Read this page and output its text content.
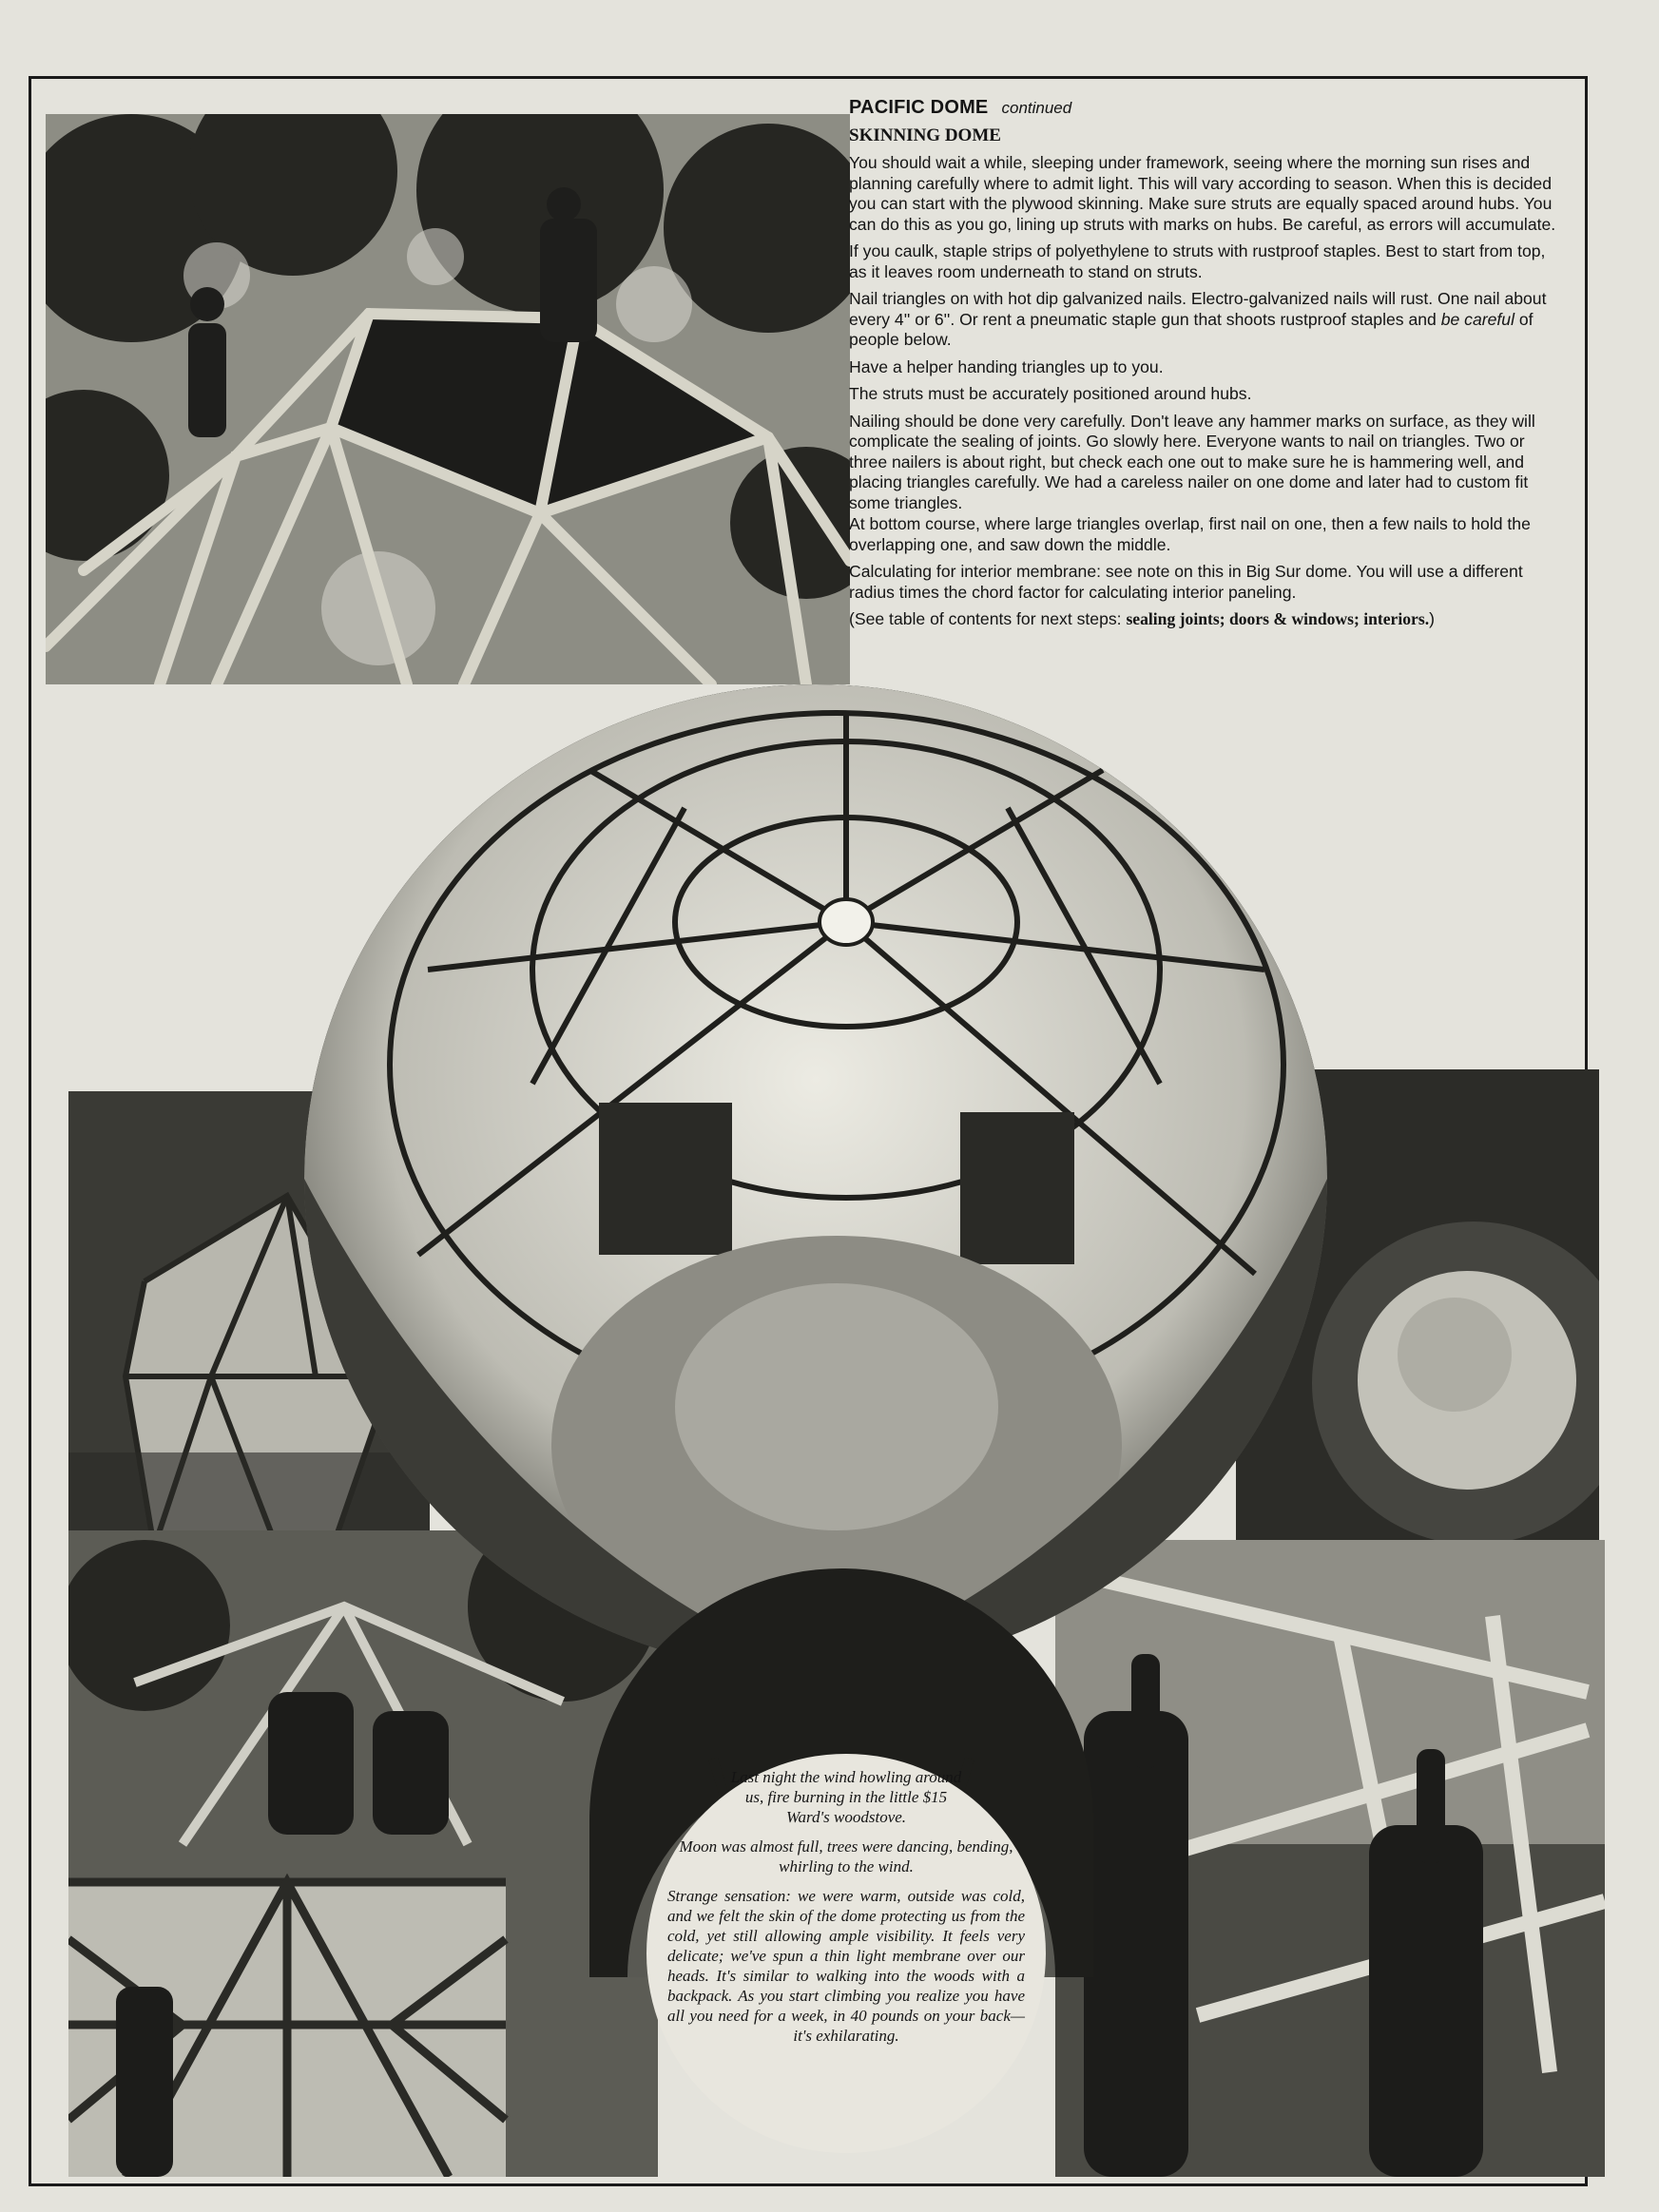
PACIFIC DOME continued

SKINNING DOME

You should wait a while, sleeping under framework, seeing where the morning sun rises and planning carefully where to admit light. This will vary according to season. When this is decided you can start with the plywood skinning. Make sure struts are equally spaced around hubs. You can do this as you go, lining up struts with marks on hubs. Be careful, as errors will accumulate.

If you caulk, staple strips of polyethylene to struts with rustproof staples. Best to start from top, as it leaves room underneath to stand on struts.

Nail triangles on with hot dip galvanized nails. Electro-galvanized nails will rust. One nail about every 4'' or 6''. Or rent a pneumatic staple gun that shoots rustproof staples and be careful of people below.

Have a helper handing triangles up to you.

The struts must be accurately positioned around hubs.

Nailing should be done very carefully. Don't leave any hammer marks on surface, as they will complicate the sealing of joints. Go slowly here. Everyone wants to nail on triangles. Two or three nailers is about right, but check each one out to make sure he is hammering well, and placing triangles carefully. We had a careless nailer on one dome and later had to custom fit some triangles.

At bottom course, where large triangles overlap, first nail on one, then a few nails to hold the overlapping one, and saw down the middle.

Calculating for interior membrane: see note on this in Big Sur dome. You will use a different radius times the chord factor for calculating interior paneling.

(See table of contents for next steps: sealing joints; doors & windows; interiors.)

Last night the wind howling around us, fire burning in the little $15 Ward's woodstove.

Moon was almost full, trees were dancing, bending, whirling to the wind.

Strange sensation: we were warm, outside was cold, and we felt the skin of the dome protecting us from the cold, yet still allowing ample visibility. It feels very delicate; we've spun a thin light membrane over our heads. It's similar to walking into the woods with a backpack. As you start climbing you realize you have all you need for a week, in 40 pounds on your back—it's exhilarating.
